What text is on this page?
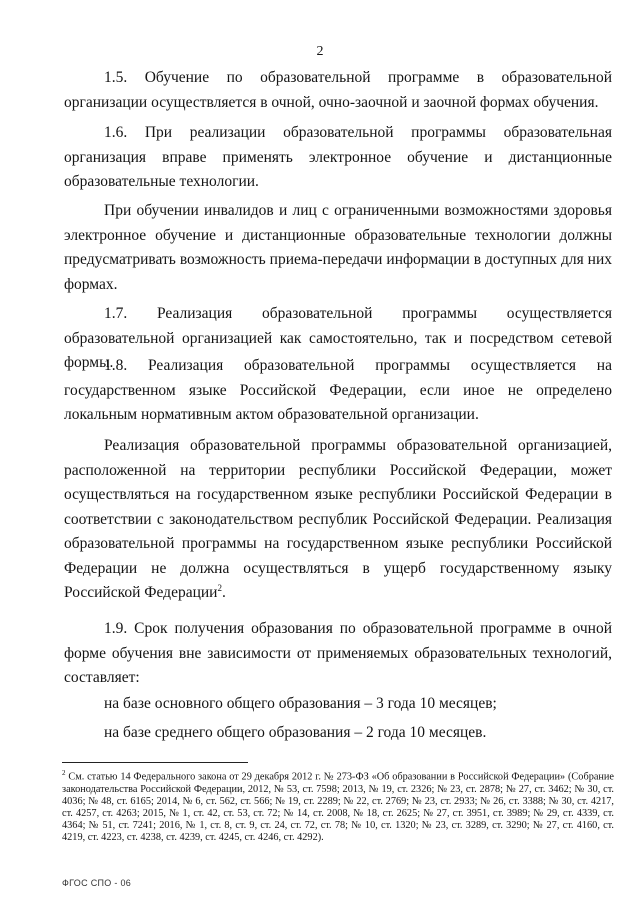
2
1.5. Обучение по образовательной программе в образовательной организации осуществляется в очной, очно-заочной и заочной формах обучения.
1.6. При реализации образовательной программы образовательная организация вправе применять электронное обучение и дистанционные образовательные технологии.
При обучении инвалидов и лиц с ограниченными возможностями здоровья электронное обучение и дистанционные образовательные технологии должны предусматривать возможность приема-передачи информации в доступных для них формах.
1.7. Реализация образовательной программы осуществляется образовательной организацией как самостоятельно, так и посредством сетевой формы.
1.8. Реализация образовательной программы осуществляется на государственном языке Российской Федерации, если иное не определено локальным нормативным актом образовательной организации.
Реализация образовательной программы образовательной организацией, расположенной на территории республики Российской Федерации, может осуществляться на государственном языке республики Российской Федерации в соответствии с законодательством республик Российской Федерации. Реализация образовательной программы на государственном языке республики Российской Федерации не должна осуществляться в ущерб государственному языку Российской Федерации$^2$.
1.9. Срок получения образования по образовательной программе в очной форме обучения вне зависимости от применяемых образовательных технологий, составляет:
на базе основного общего образования – 3 года 10 месяцев;
на базе среднего общего образования – 2 года 10 месяцев.
$^2$ См. статью 14 Федерального закона от 29 декабря 2012 г. № 273-ФЗ «Об образовании в Российской Федерации» (Собрание законодательства Российской Федерации, 2012, № 53, ст. 7598; 2013, № 19, ст. 2326; № 23, ст. 2878; № 27, ст. 3462; № 30, ст. 4036; № 48, ст. 6165; 2014, № 6, ст. 562, ст. 566; № 19, ст. 2289; № 22, ст. 2769; № 23, ст. 2933; № 26, ст. 3388; № 30, ст. 4217, ст. 4257, ст. 4263; 2015, № 1, ст. 42, ст. 53, ст. 72; № 14, ст. 2008, № 18, ст. 2625; № 27, ст. 3951, ст. 3989; № 29, ст. 4339, ст. 4364; № 51, ст. 7241; 2016, № 1, ст. 8, ст. 9, ст. 24, ст. 72, ст. 78; № 10, ст. 1320; № 23, ст. 3289, ст. 3290; № 27, ст. 4160, ст. 4219, ст. 4223, ст. 4238, ст. 4239, ст. 4245, ст. 4246, ст. 4292).
ФГОС СПО - 06
